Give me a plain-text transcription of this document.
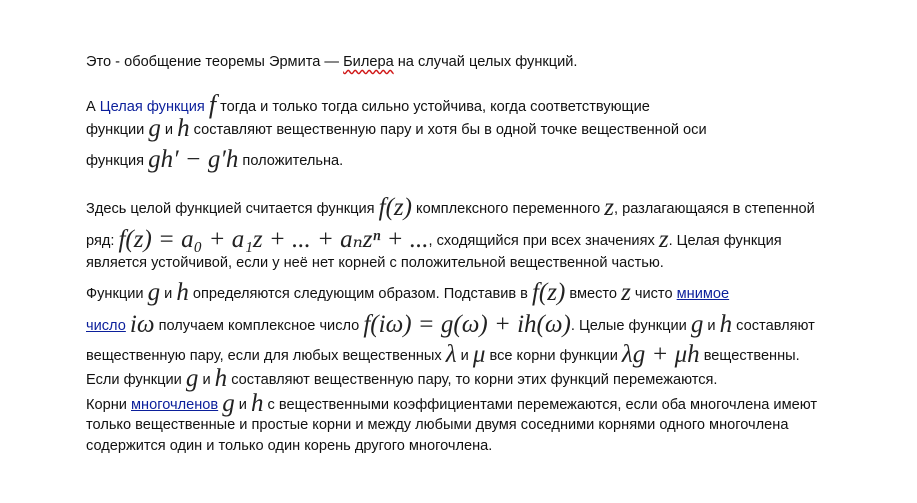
Это - обобщение теоремы Эрмита — Билера на случай целых функций.
А Целая функция f тогда и только тогда сильно устойчива, когда соответствующие
функции g и h составляют вещественную пару и хотя бы в одной точке вещественной оси
функция gh′ − g′h положительна.
Здесь целой функцией считается функция f(z) комплексного переменного z, разлагающаяся в степенной
ряд: f(z) = a₀ + a₁z + ... + aₙzⁿ + ..., сходящийся при всех значениях z. Целая функция
является устойчивой, если у неё нет корней с положительной вещественной частью.
Функции g и h определяются следующим образом. Подставив в f(z) вместо z чисто мнимое
число iω получаем комплексное число f(iω) = g(ω) + ih(ω). Целые функции g и h составляют
вещественную пару, если для любых вещественных λ и μ все корни функции λg + μh вещественны.
Если функции g и h составляют вещественную пару, то корни этих функций перемежаются.
Корни многочленов g и h с вещественными коэффициентами перемежаются, если оба многочлена имеют
только вещественные и простые корни и между любыми двумя соседними корнями одного многочлена
содержится один и только один корень другого многочлена.
